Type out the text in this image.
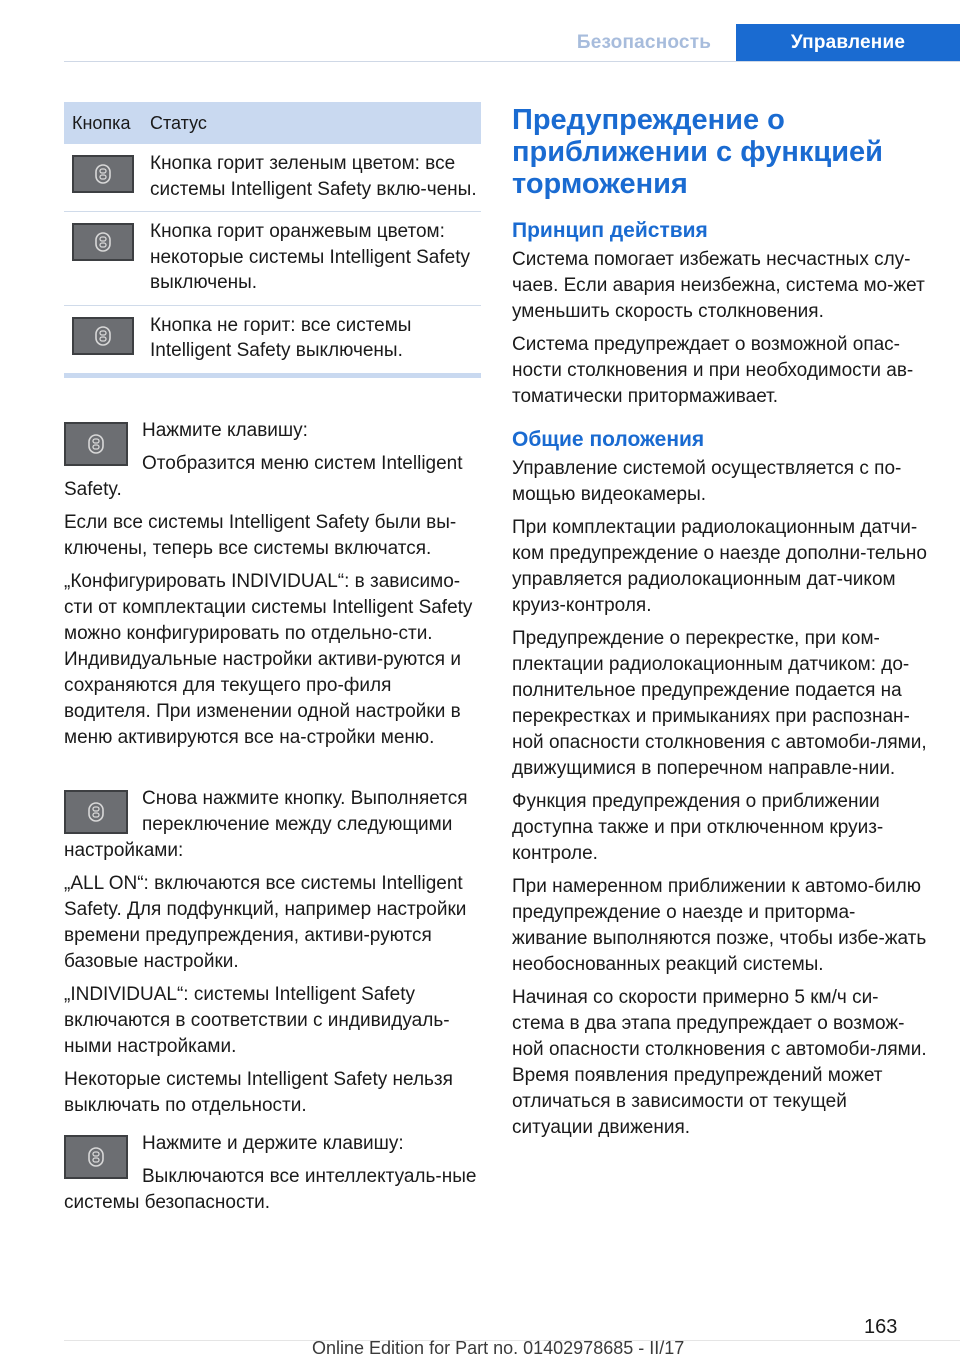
Безопасность	Управление
Кнопка	Статус
Кнопка горит зеленым цветом: все системы Intelligent Safety вклю‐чены.
Кнопка горит оранжевым цветом: некоторые системы Intelligent Safety выключены.
Кнопка не горит: все системы Intelligent Safety выключены.

Нажмите клавишу:

Отобразится меню систем Intelligent Safety.

Если все системы Intelligent Safety были вы‐ключены, теперь все системы включатся.

„Конфигурировать INDIVIDUAL“: в зависимо‐сти от комплектации системы Intelligent Safety можно конфигурировать по отдельно‐сти. Индивидуальные настройки активи‐руются и сохраняются для текущего про‐филя водителя. При изменении одной настройки в меню активируются все на‐стройки меню.

Снова нажмите кнопку. Выполняется переключение между следующими настройками:

„ALL ON“: включаются все системы Intelligent Safety. Для подфункций, например настройки времени предупреждения, активи‐руются базовые настройки.

„INDIVIDUAL“: системы Intelligent Safety включаются в соответствии с индивидуаль‐ными настройками.

Некоторые системы Intelligent Safety нельзя выключать по отдельности.

Нажмите и держите клавишу:

Выключаются все интеллектуаль‐ные системы безопасности.

Предупреждение о приближении с функцией торможения
Принцип действия

Система помогает избежать несчастных слу‐чаев. Если авария неизбежна, система мо‐жет уменьшить скорость столкновения.

Система предупреждает о возможной опас‐ности столкновения и при необходимости ав‐томатически притормаживает.

Общие положения

Управление системой осуществляется с по‐мощью видеокамеры.

При комплектации радиолокационным датчи‐ком предупреждение о наезде дополни‐тельно управляется радиолокационным дат‐чиком круиз-контроля.

Предупреждение о перекрестке, при ком‐плектации радиолокационным датчиком: до‐полнительное предупреждение подается на перекрестках и примыканиях при распознан‐ной опасности столкновения с автомоби‐лями, движущимися в поперечном направле‐нии.

Функция предупреждения о приближении доступна также и при отключенном круиз-контроле.

При намеренном приближении к автомо‐билю предупреждение о наезде и приторма‐живание выполняются позже, чтобы избе‐жать необоснованных реакций системы.

Начиная со скорости примерно 5 км/ч си‐стема в два этапа предупреждает о возмож‐ной опасности столкновения с автомоби‐лями. Время появления предупреждений может отличаться в зависимости от текущей ситуации движения.

163
Online Edition for Part no. 01402978685 - II/17
